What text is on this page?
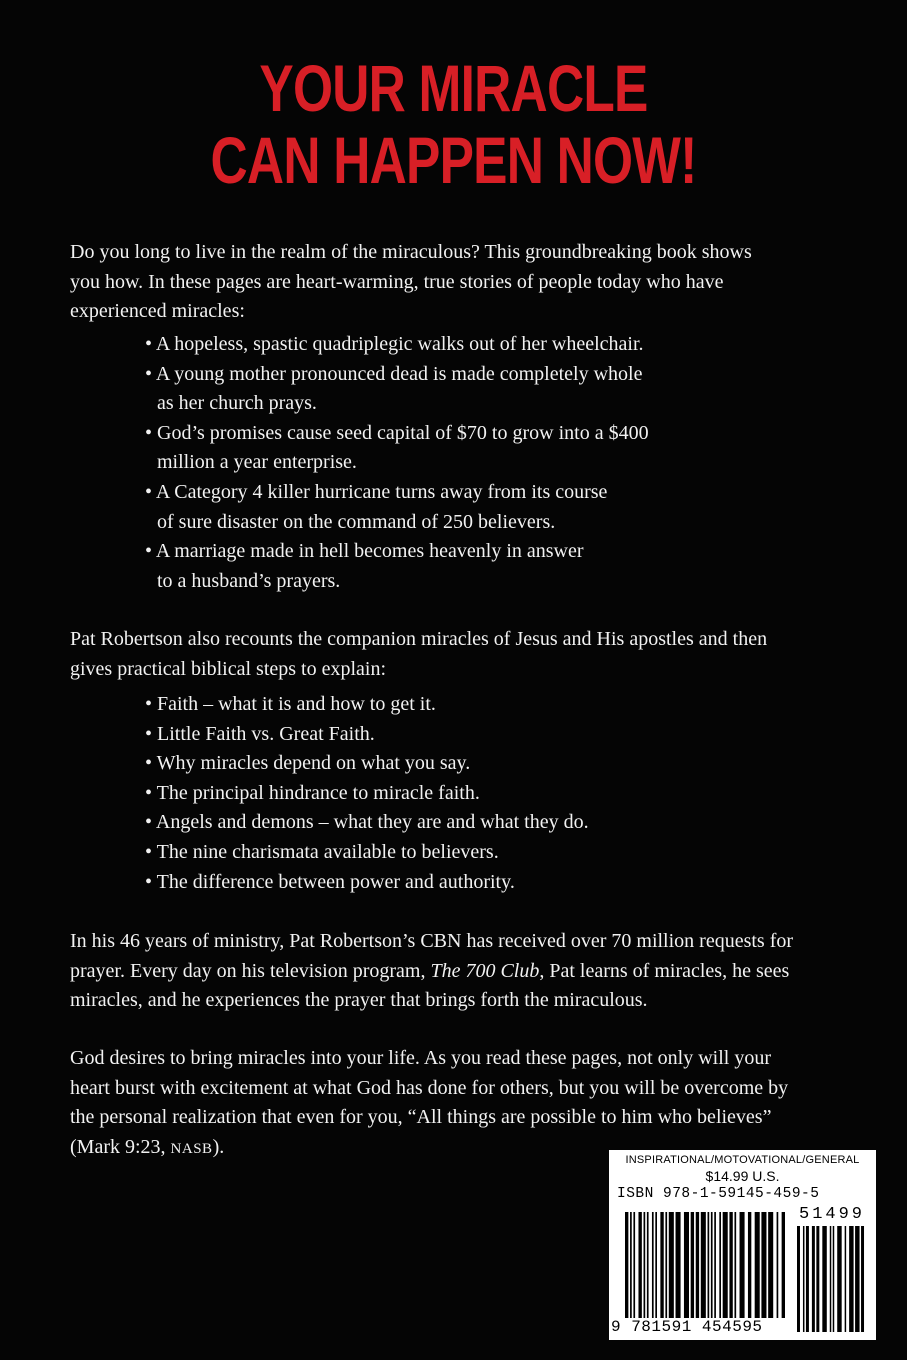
YOUR MIRACLE
CAN HAPPEN NOW!
Do you long to live in the realm of the miraculous? This groundbreaking book shows
you how. In these pages are heart-warming, true stories of people today who have
experienced miracles:
• A hopeless, spastic quadriplegic walks out of her wheelchair.
• A young mother pronounced dead is made completely whole
as her church prays.
• God’s promises cause seed capital of $70 to grow into a $400
million a year enterprise.
• A Category 4 killer hurricane turns away from its course
of sure disaster on the command of 250 believers.
• A marriage made in hell becomes heavenly in answer
to a husband’s prayers.
Pat Robertson also recounts the companion miracles of Jesus and His apostles and then
gives practical biblical steps to explain:
• Faith – what it is and how to get it.
• Little Faith vs. Great Faith.
• Why miracles depend on what you say.
• The principal hindrance to miracle faith.
• Angels and demons – what they are and what they do.
• The nine charismata available to believers.
• The difference between power and authority.
In his 46 years of ministry, Pat Robertson’s CBN has received over 70 million requests for
prayer. Every day on his television program, The 700 Club, Pat learns of miracles, he sees
miracles, and he experiences the prayer that brings forth the miraculous.
God desires to bring miracles into your life. As you read these pages, not only will your
heart burst with excitement at what God has done for others, but you will be overcome by
the personal realization that even for you, “All things are possible to him who believes”
(Mark 9:23, NASB).
INSPIRATIONAL/MOTOVATIONAL/GENERAL
$14.99 U.S.
ISBN 978-1-59145-459-5
51499
9 781591 454595
